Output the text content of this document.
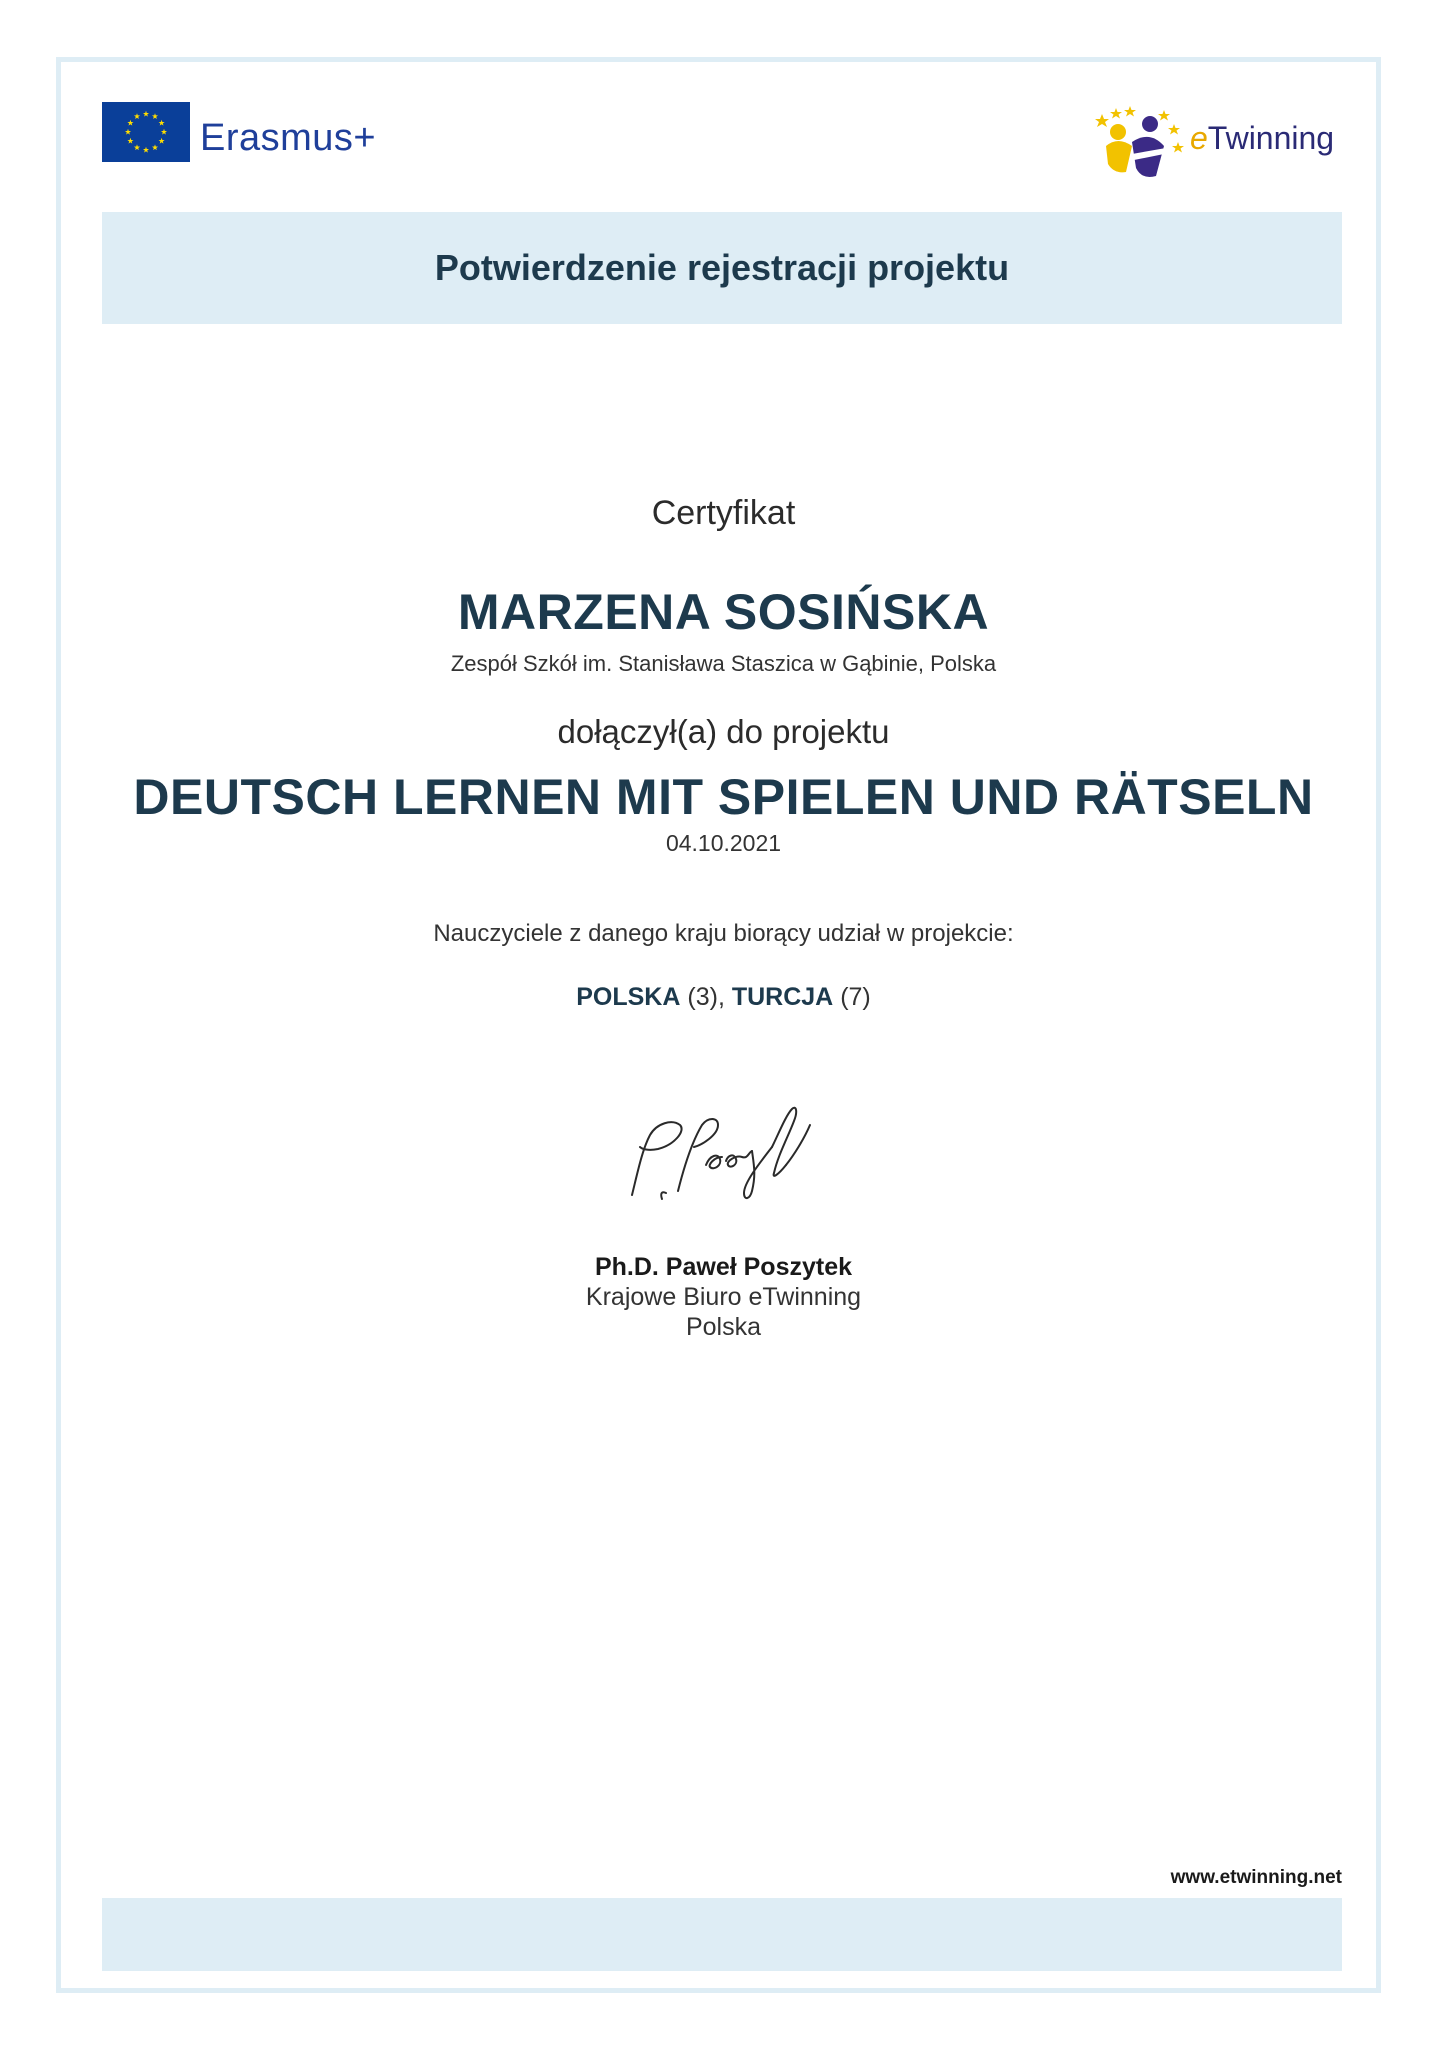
Erasmus+	eTwinning
Potwierdzenie rejestracji projektu
Certyfikat
MARZENA SOSIŃSKA
Zespół Szkół im. Stanisława Staszica w Gąbinie, Polska
dołączył(a) do projektu
DEUTSCH LERNEN MIT SPIELEN UND RÄTSELN
04.10.2021
Nauczyciele z danego kraju biorący udział w projekcie:
POLSKA (3), TURCJA (7)
Ph.D. Paweł Poszytek
Krajowe Biuro eTwinning
Polska
www.etwinning.net
